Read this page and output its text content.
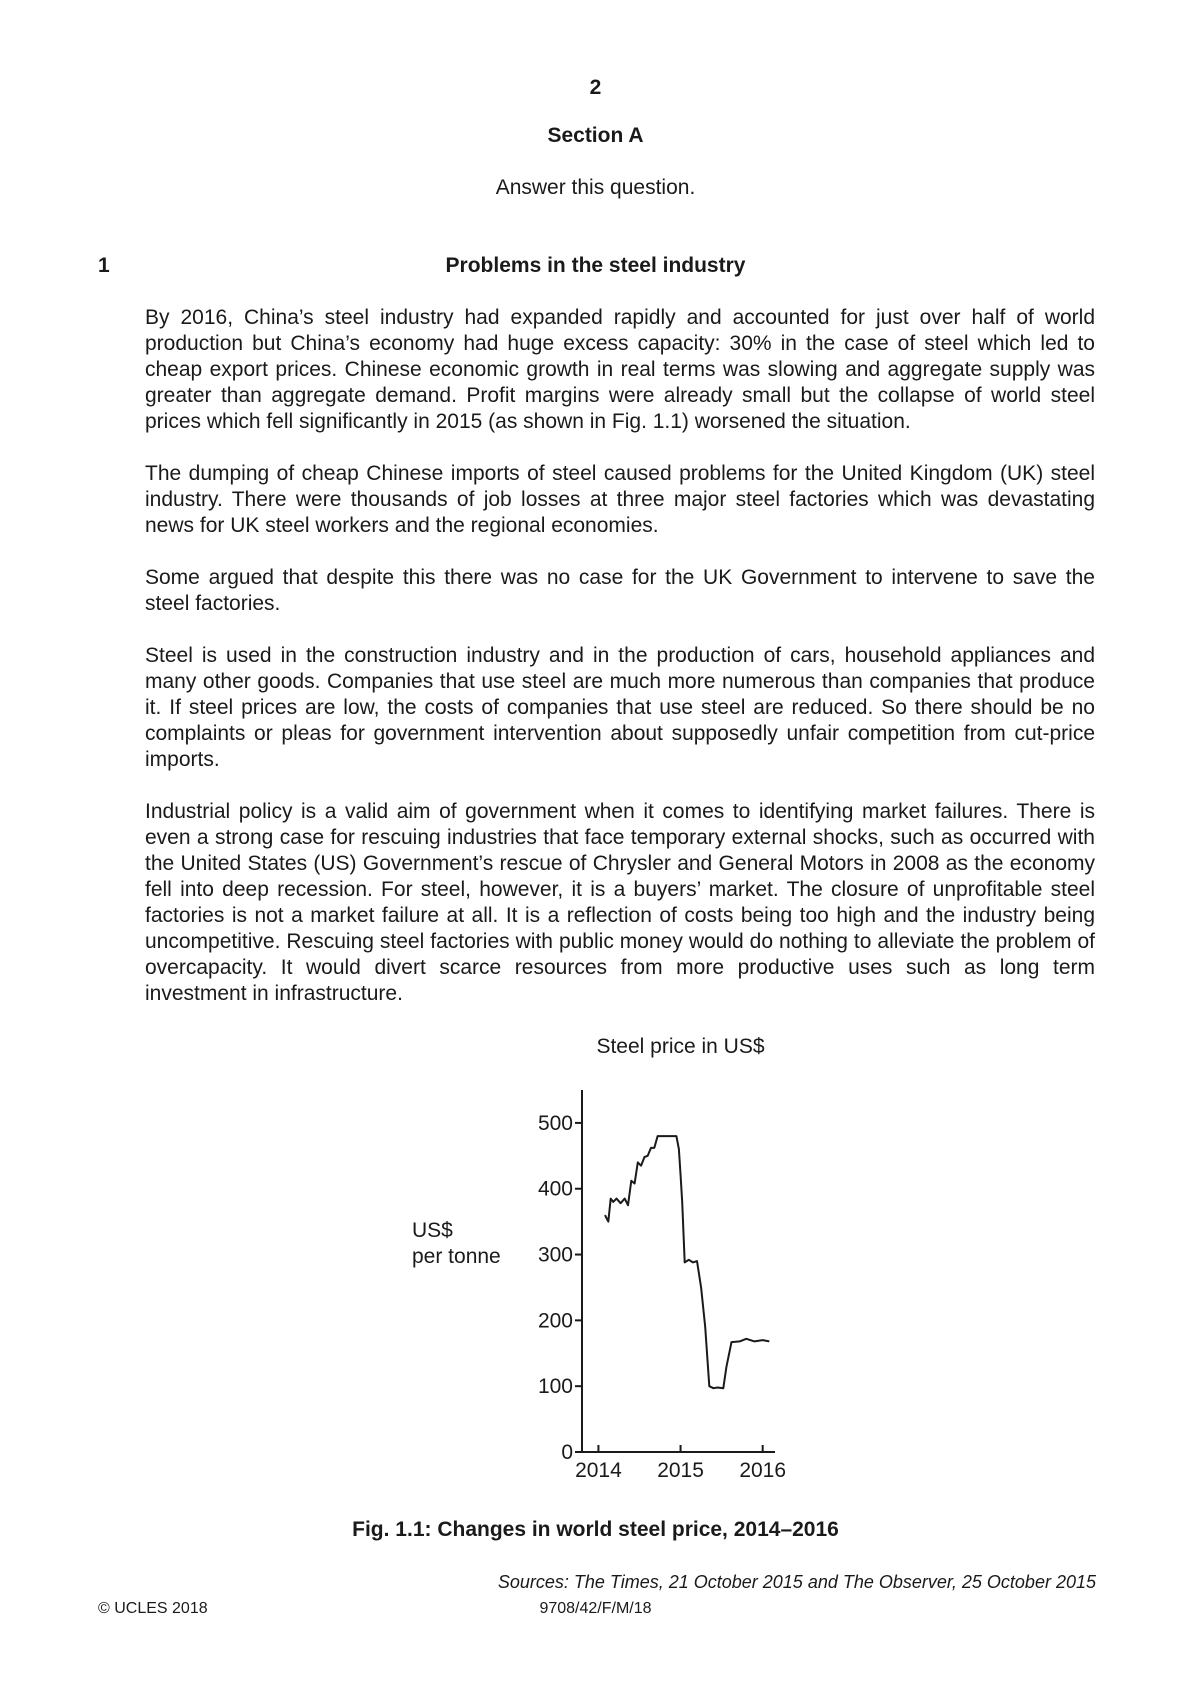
2
Section A
Answer this question.
1	Problems in the steel industry

By 2016, China’s steel industry had expanded rapidly and accounted for just over half of world production but China’s economy had huge excess capacity: 30% in the case of steel which led to cheap export prices. Chinese economic growth in real terms was slowing and aggregate supply was greater than aggregate demand. Profit margins were already small but the collapse of world steel prices which fell significantly in 2015 (as shown in Fig. 1.1) worsened the situation.

The dumping of cheap Chinese imports of steel caused problems for the United Kingdom (UK) steel industry. There were thousands of job losses at three major steel factories which was devastating news for UK steel workers and the regional economies.

Some argued that despite this there was no case for the UK Government to intervene to save the steel factories.

Steel is used in the construction industry and in the production of cars, household appliances and many other goods. Companies that use steel are much more numerous than companies that produce it. If steel prices are low, the costs of companies that use steel are reduced. So there should be no complaints or pleas for government intervention about supposedly unfair competition from cut-price imports.

Industrial policy is a valid aim of government when it comes to identifying market failures. There is even a strong case for rescuing industries that face temporary external shocks, such as occurred with the United States (US) Government’s rescue of Chrysler and General Motors in 2008 as the economy fell into deep recession. For steel, however, it is a buyers’ market. The closure of unprofitable steel factories is not a market failure at all. It is a reflection of costs being too high and the industry being uncompetitive. Rescuing steel factories with public money would do nothing to alleviate the problem of overcapacity. It would divert scarce resources from more productive uses such as long term investment in infrastructure.

Steel price in US$
US$
per tonne
0
100
200
300
400
500
2014 2015 2016
Fig. 1.1: Changes in world steel price, 2014–2016
Sources: The Times, 21 October 2015 and The Observer, 25 October 2015
© UCLES 2018	9708/42/F/M/18
